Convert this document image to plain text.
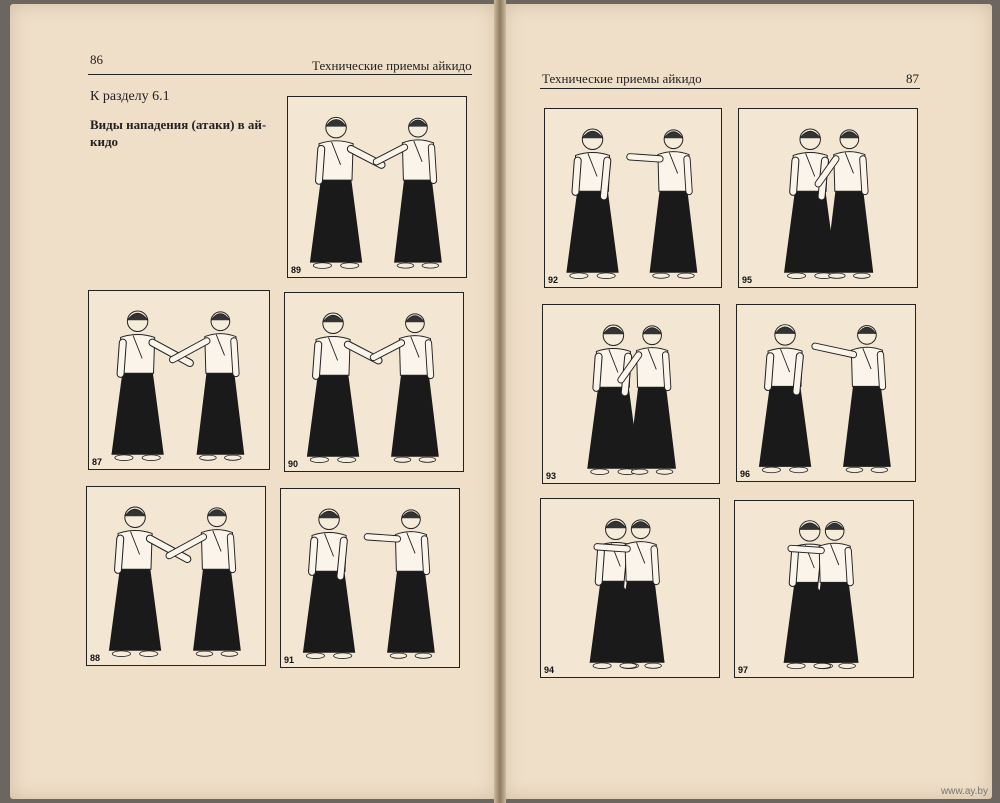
86	Технические приемы айкидо
К разделу 6.1
Виды нападения (атаки) в ай-
кидо
Технические приемы айкидо	87
89
87	90
88	91
92	95
93	96
94	97
www.ay.by
